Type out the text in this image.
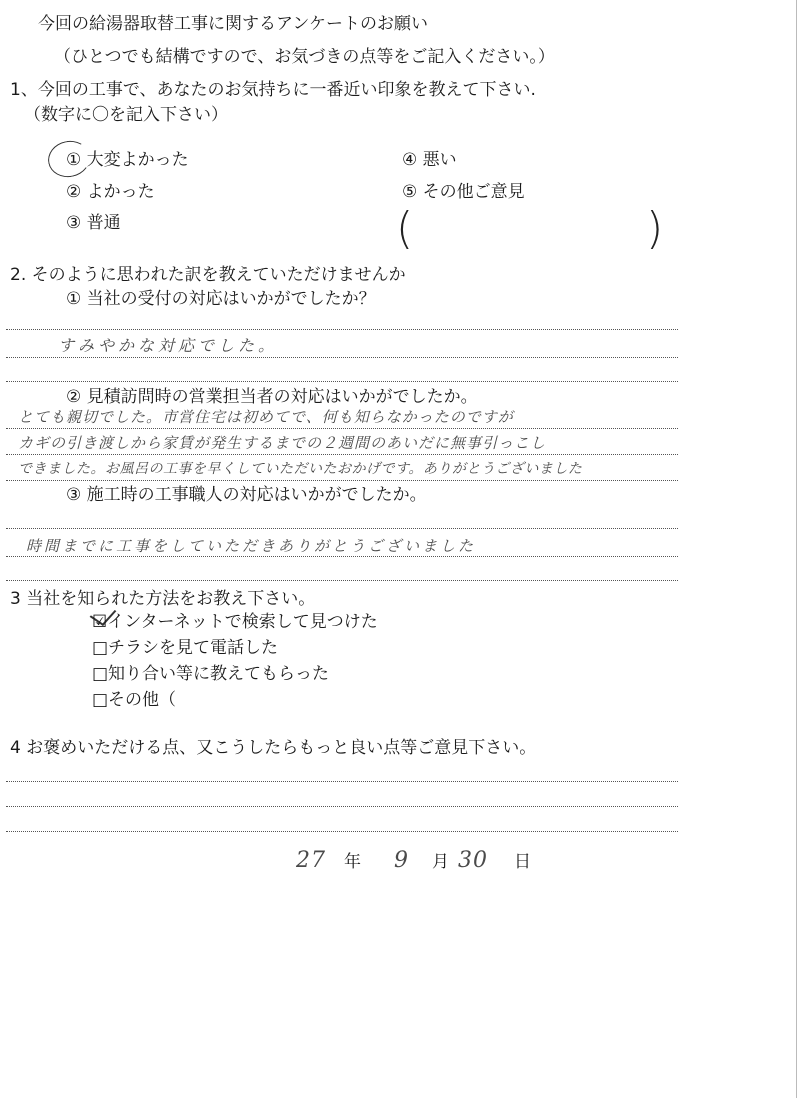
今回の給湯器取替工事に関するアンケートのお願い
（ひとつでも結構ですので、お気づきの点等をご記入ください。）
1、今回の工事で、あなたのお気持ちに一番近い印象を教えて下さい.
（数字に〇を記入下さい）
① 大変よかった
② よかった
③ 普通
④ 悪い
⑤ その他ご意見
(	)
2. そのように思われた訳を教えていただけませんか
① 当社の受付の対応はいかがでしたか？
すみやかな対応でした。
② 見積訪問時の営業担当者の対応はいかがでしたか。
とても親切でした。市営住宅は初めてで、何も知らなかったのですが
カギの引き渡しから家賃が発生するまでの２週間のあいだに無事引っこし
できました。お風呂の工事を早くしていただいたおかげです。ありがとうございました
③ 施工時の工事職人の対応はいかがでしたか。
時間までに工事をしていただきありがとうございました
3 当社を知られた方法をお教え下さい。
☑インターネットで検索して見つけた
□チラシを見て電話した
□知り合い等に教えてもらった
□その他（
4 お褒めいただける点、又こうしたらもっと良い点等ご意見下さい。
27 年 9 月 30 日
